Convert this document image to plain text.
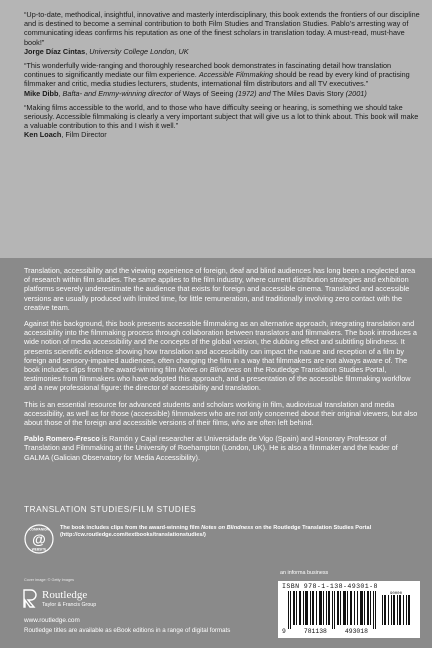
“Up-to-date, methodical, insightful, innovative and masterly interdisciplinary, this book extends the frontiers of our discipline and is destined to become a seminal contribution to both Film Studies and Translation Studies. Pablo’s arresting way of communicating ideas confirms his reputation as one of the finest scholars in translation today. A must-read, must-have book!”
Jorge Díaz Cintas, University College London, UK
“This wonderfully wide-ranging and thoroughly researched book demonstrates in fascinating detail how translation continues to significantly mediate our film experience. Accessible Filmmaking should be read by every kind of practising filmmaker and critic, media studies lecturers, students, international film distributors and all TV executives.”
Mike Dibb, Bafta- and Emmy-winning director of Ways of Seeing (1972) and The Miles Davis Story (2001)
“Making films accessible to the world, and to those who have difficulty seeing or hearing, is something we should take seriously. Accessible filmmaking is clearly a very important subject that will give us a lot to think about. This book will make a valuable contribution to this and I wish it well.”
Ken Loach, Film Director

Translation, accessibility and the viewing experience of foreign, deaf and blind audiences has long been a neglected area of research within film studies. The same applies to the film industry, where current distribution strategies and exhibition platforms severely underestimate the audience that exists for foreign and accessible cinema. Translated and accessible versions are usually produced with limited time, for little remuneration, and traditionally involving zero contact with the creative team.

Against this background, this book presents accessible filmmaking as an alternative approach, integrating translation and accessibility into the filmmaking process through collaboration between translators and filmmakers. The book introduces a wide notion of media accessibility and the concepts of the global version, the dubbing effect and subtitling blindness. It presents scientific evidence showing how translation and accessibility can impact the nature and reception of a film by foreign and sensory-impaired audiences, often changing the film in a way that filmmakers are not always aware of. The book includes clips from the award-winning film Notes on Blindness on the Routledge Translation Studies Portal, testimonies from filmmakers who have adopted this approach, and a presentation of the accessible filmmaking workflow and a new professional figure: the director of accessibility and translation.

This is an essential resource for advanced students and scholars working in film, audiovisual translation and media accessibility, as well as for those (accessible) filmmakers who are not only concerned about their original viewers, but also about those of the foreign and accessible versions of their films, who are often left behind.

Pablo Romero-Fresco is Ramón y Cajal researcher at Universidade de Vigo (Spain) and Honorary Professor of Translation and Filmmaking at the University of Roehampton (London, UK). He is also a filmmaker and the leader of GALMA (Galician Observatory for Media Accessibility).

TRANSLATION STUDIES/FILM STUDIES
@
COMPANION
WEBSITE
The book includes clips from the award-winning film Notes on Blindness on the Routledge Translation Studies Portal
(http://cw.routledge.com/textbooks/translationstudies/)
an informa business
ISBN 978-1-138-49301-8
90000
9	781138	493018
Cover image: © Getty Images
Routledge
Taylor & Francis Group
www.routledge.com
Routledge titles are available as eBook editions in a range of digital formats
